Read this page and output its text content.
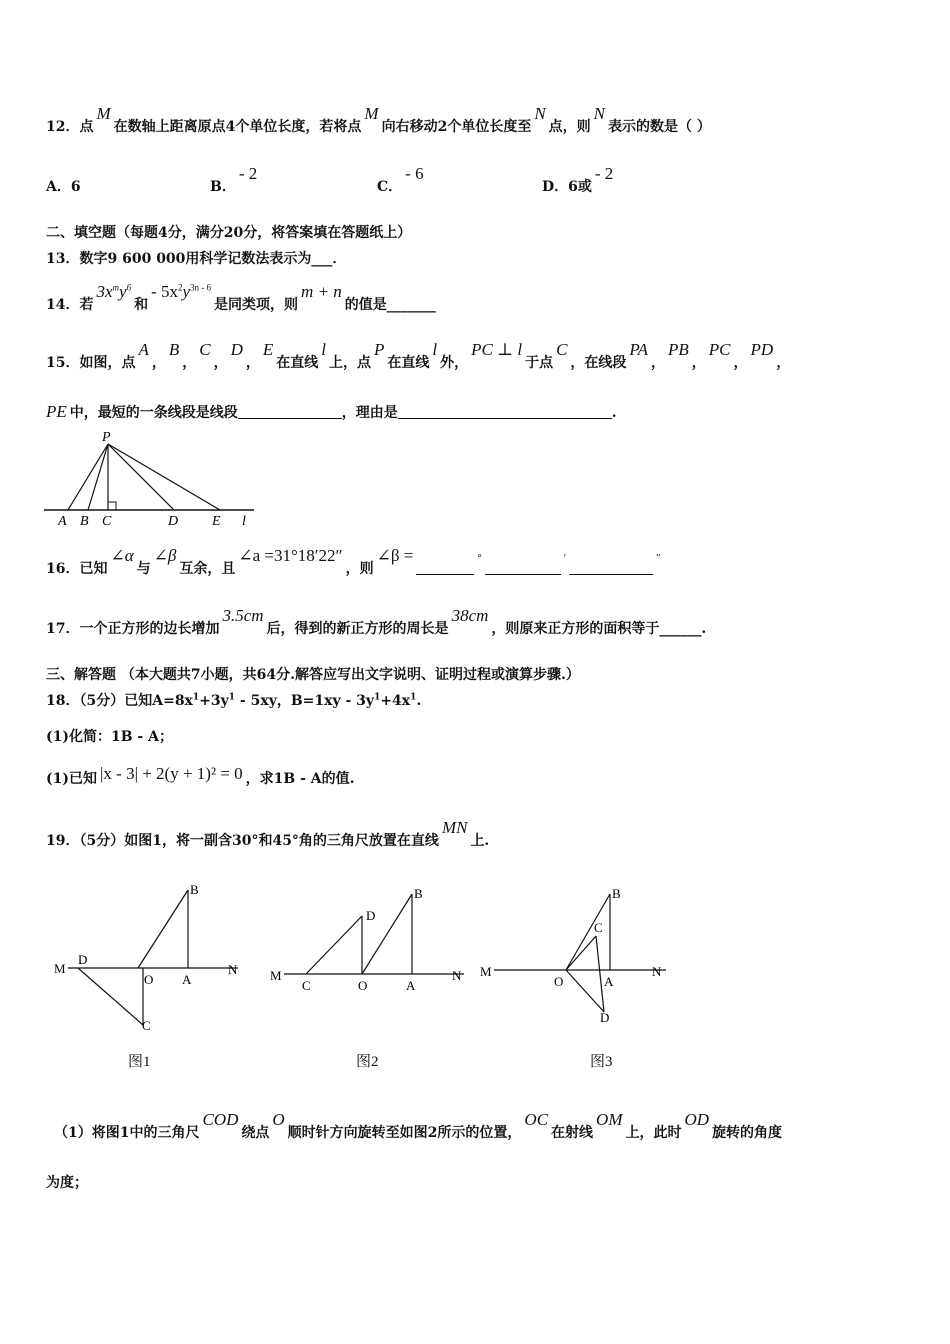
12．点M在数轴上距离原点4个单位长度，若将点M向右移动2个单位长度至N点，则N表示的数是（ ）
A．6	B．- 2
C．- 6
D．6或- 2
二、填空题（每题4分，满分20分，将答案填在答题纸上）
13．数字9 600 000用科学记数法表示为___．
14．若$3x^my^6$和- $5x^2y^{3n - 6}$是同类项，则m + n的值是_______
15．如图，点A，B，C，D，E在直线l上，点P在直线l外，PC ⊥ l于点C，在线段PA，PB，PC，PD，
PE 中，最短的一条线段是线段	，理由是	.
P
A B C	D E l
16．已知∠α与∠β互余，且∠a =31°18′22″，则∠β =	°	′	″
17．一个正方形的边长增加3.5cm后，得到的新正方形的周长是38cm，则原来正方形的面积等于______.
三、解答题 （本大题共7小题，共64分.解答应写出文字说明、证明过程或演算步骤.）
18．（5分）已知$A=8x^1+3y^1 - 5xy$，$B=1xy - 3y^1+4x^1$.
(1)化简：1B - A；
(1)已知 |x - 3| + 2(y + 1)² = 0 ，求1B - A的值.
19．（5分）如图1，将一副含30°和45°角的三角尺放置在直线MN上.
B
M
D
O A
N
C
图1
D
B
M
C	O	A
N
图2
B
C
M
O	A
N
D
图3
（1）将图1中的三角尺COD绕点O顺时针方向旋转至如图2所示的位置，OC在射线OM上，此时OD旋转的角度
为度；
